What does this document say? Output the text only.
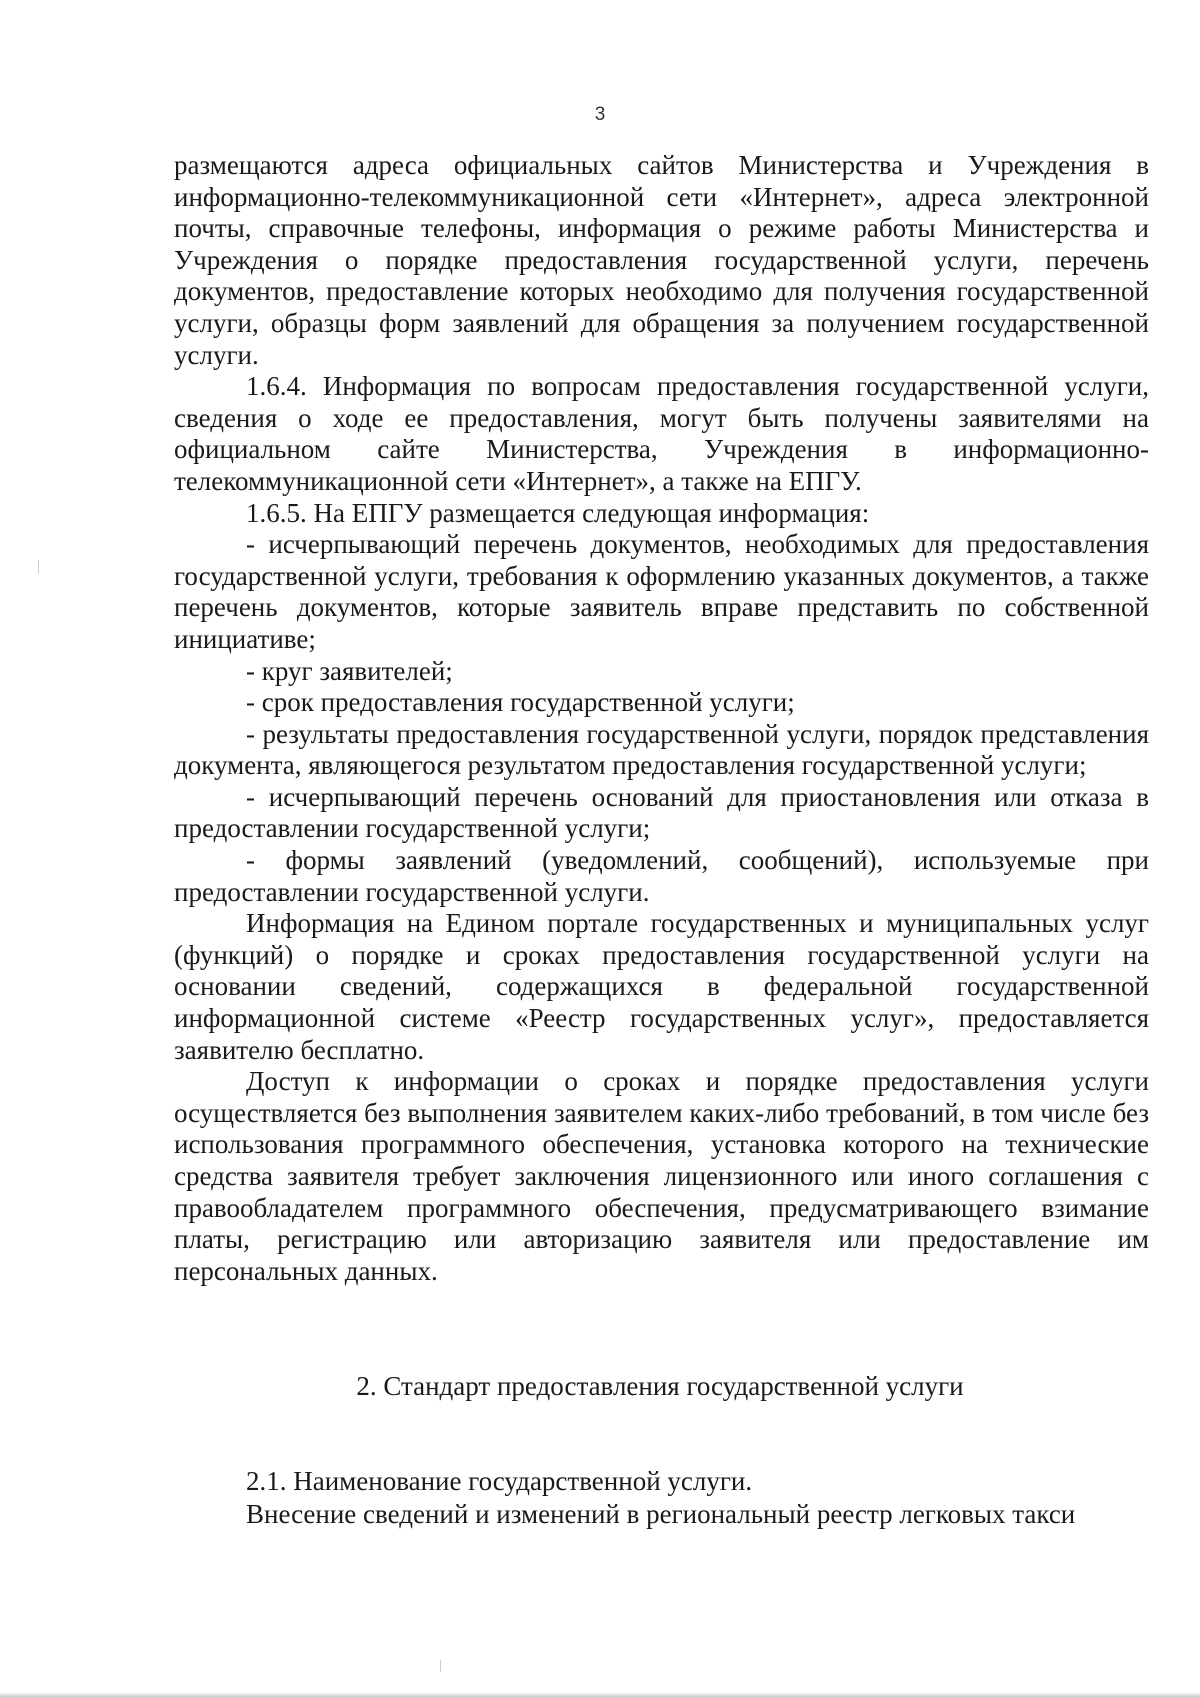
3

размещаются адреса официальных сайтов Министерства и Учреждения в информационно-телекоммуникационной сети «Интернет», адреса электронной почты, справочные телефоны, информация о режиме работы Министерства и Учреждения о порядке предоставления государственной услуги, перечень документов, предоставление которых необходимо для получения государственной услуги, образцы форм заявлений для обращения за получением государственной услуги.

1.6.4. Информация по вопросам предоставления государственной услуги, сведения о ходе ее предоставления, могут быть получены заявителями на официальном сайте Министерства, Учреждения в информационно-телекоммуникационной сети «Интернет», а также на ЕПГУ.

1.6.5. На ЕПГУ размещается следующая информация:

- исчерпывающий перечень документов, необходимых для предоставления государственной услуги, требования к оформлению указанных документов, а также перечень документов, которые заявитель вправе представить по собственной инициативе;

- круг заявителей;

- срок предоставления государственной услуги;

- результаты предоставления государственной услуги, порядок представления документа, являющегося результатом предоставления государственной услуги;

- исчерпывающий перечень оснований для приостановления или отказа в предоставлении государственной услуги;

- формы заявлений (уведомлений, сообщений), используемые при предоставлении государственной услуги.

Информация на Едином портале государственных и муниципальных услуг (функций) о порядке и сроках предоставления государственной услуги на основании сведений, содержащихся в федеральной государственной информационной системе «Реестр государственных услуг», предоставляется заявителю бесплатно.

Доступ к информации о сроках и порядке предоставления услуги осуществляется без выполнения заявителем каких-либо требований, в том числе без использования программного обеспечения, установка которого на технические средства заявителя требует заключения лицензионного или иного соглашения с правообладателем программного обеспечения, предусматривающего взимание платы, регистрацию или авторизацию заявителя или предоставление им персональных данных.

2. Стандарт предоставления государственной услуги

2.1. Наименование государственной услуги.

Внесение сведений и изменений в региональный реестр легковых такси
